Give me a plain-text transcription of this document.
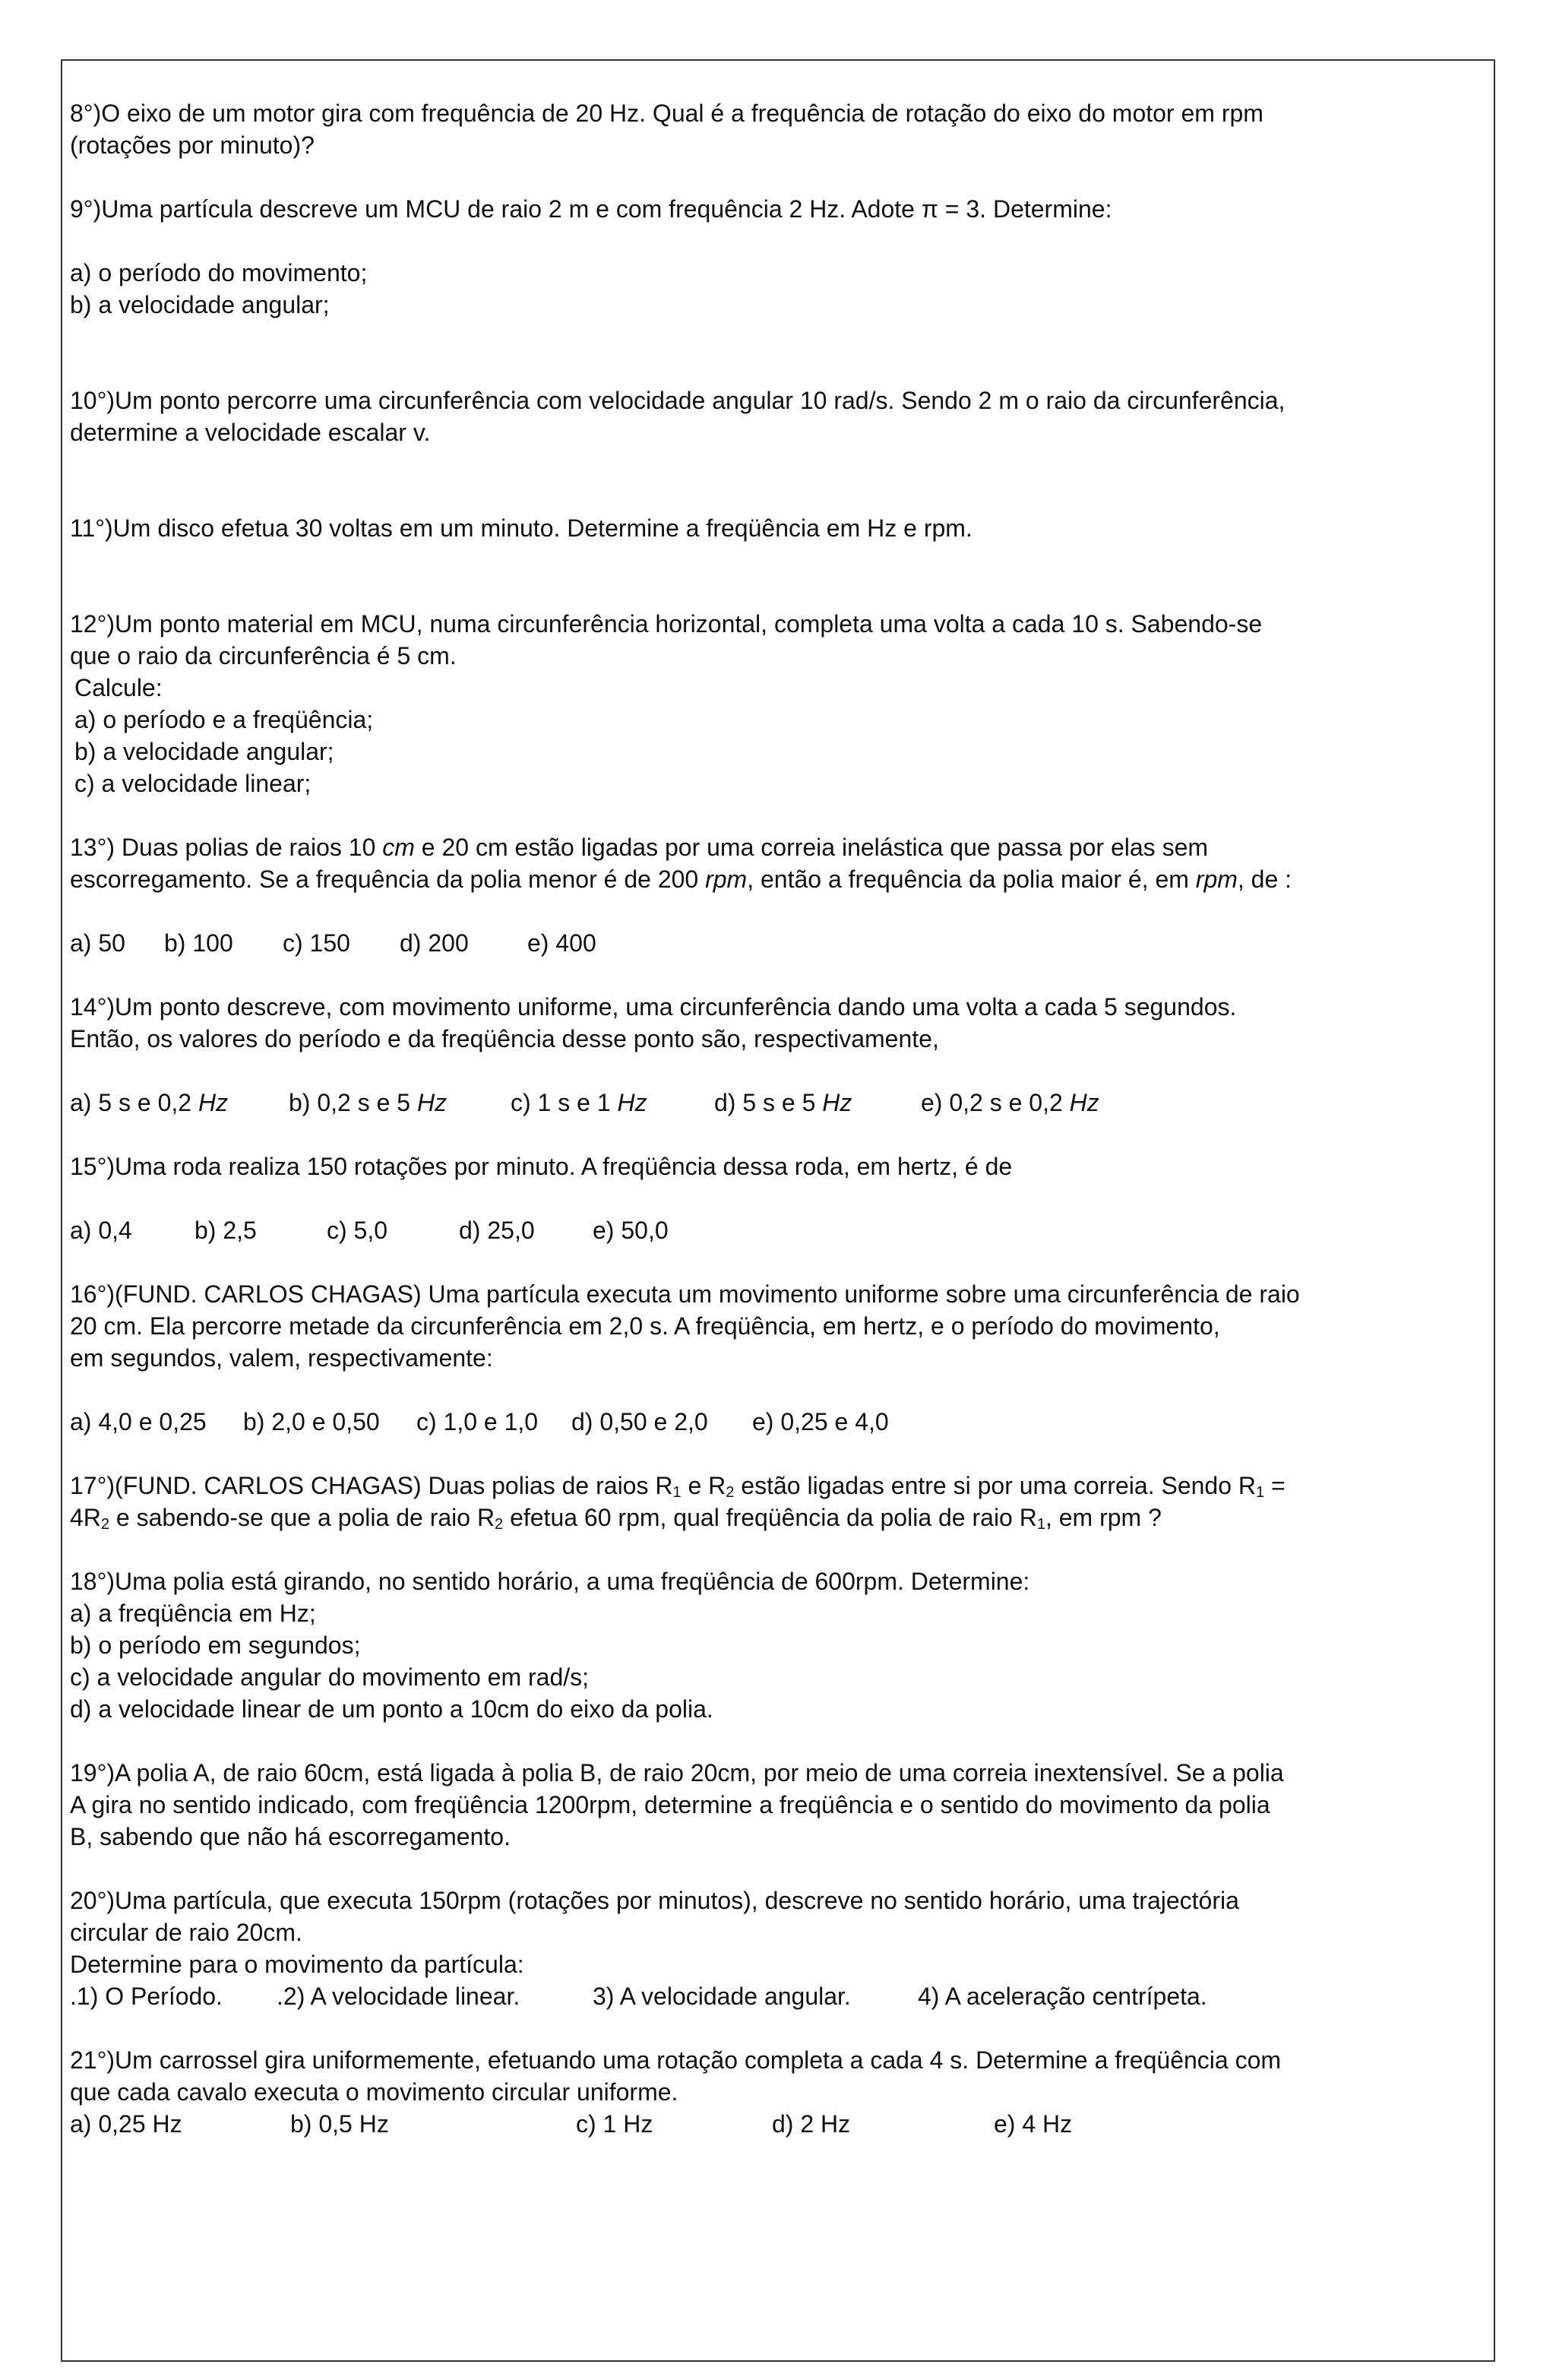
8°)O eixo de um motor gira com frequência de 20 Hz. Qual é a frequência de rotação do eixo do motor em rpm

(rotações por minuto)?

9°)Uma partícula descreve um MCU de raio 2 m e com frequência 2 Hz. Adote π = 3. Determine:

a) o período do movimento;

b) a velocidade angular;

10°)Um ponto percorre uma circunferência com velocidade angular 10 rad/s. Sendo 2 m o raio da circunferência,

determine a velocidade escalar v.

11°)Um disco efetua 30 voltas em um minuto. Determine a freqüência em Hz e rpm.

12°)Um ponto material em MCU, numa circunferência horizontal, completa uma volta a cada 10 s. Sabendo-se

que o raio da circunferência é 5 cm.

Calcule:

a) o período e a freqüência;

b) a velocidade angular;

c) a velocidade linear;

13°) Duas polias de raios 10 cm e 20 cm estão ligadas por uma correia inelástica que passa por elas sem

escorregamento. Se a frequência da polia menor é de 200 rpm, então a frequência da polia maior é, em rpm, de :

a) 50 b) 100 c) 150 d) 200 e) 400

14°)Um ponto descreve, com movimento uniforme, uma circunferência dando uma volta a cada 5 segundos.

Então, os valores do período e da freqüência desse ponto são, respectivamente,

a) 5 s e 0,2 Hz b) 0,2 s e 5 Hz	c) 1 s e 1 Hz	d) 5 s e 5 Hz	e) 0,2 s e 0,2 Hz

15°)Uma roda realiza 150 rotações por minuto. A freqüência dessa roda, em hertz, é de

a) 0,4	b) 2,5	c) 5,0	d) 25,0 e) 50,0

16°)(FUND. CARLOS CHAGAS) Uma partícula executa um movimento uniforme sobre uma circunferência de raio

20 cm. Ela percorre metade da circunferência em 2,0 s. A freqüência, em hertz, e o período do movimento,

em segundos, valem, respectivamente:

a) 4,0 e 0,25 b) 2,0 e 0,50 c) 1,0 e 1,0 d) 0,50 e 2,0 e) 0,25 e 4,0

17°)(FUND. CARLOS CHAGAS) Duas polias de raios $R_1$ e $R_2$ estão ligadas entre si por uma correia. Sendo $R_1$ =

$4R_2$ e sabendo-se que a polia de raio $R_2$ efetua 60 rpm, qual freqüência da polia de raio $R_1$, em rpm ?

18°)Uma polia está girando, no sentido horário, a uma freqüência de 600rpm. Determine:

a) a freqüência em Hz;

b) o período em segundos;

c) a velocidade angular do movimento em rad/s;

d) a velocidade linear de um ponto a 10cm do eixo da polia.

19°)A polia A, de raio 60cm, está ligada à polia B, de raio 20cm, por meio de uma correia inextensível. Se a polia

A gira no sentido indicado, com freqüência 1200rpm, determine a freqüência e o sentido do movimento da polia

B, sabendo que não há escorregamento.

20°)Uma partícula, que executa 150rpm (rotações por minutos), descreve no sentido horário, uma trajectória

circular de raio 20cm.

Determine para o movimento da partícula:

.1) O Período. .2) A velocidade linear.	3) A velocidade angular.	4) A aceleração centrípeta.

21°)Um carrossel gira uniformemente, efetuando uma rotação completa a cada 4 s. Determine a freqüência com

que cada cavalo executa o movimento circular uniforme.

a) 0,25 Hz	b) 0,5 Hz	c) 1 Hz	d) 2 Hz	e) 4 Hz
